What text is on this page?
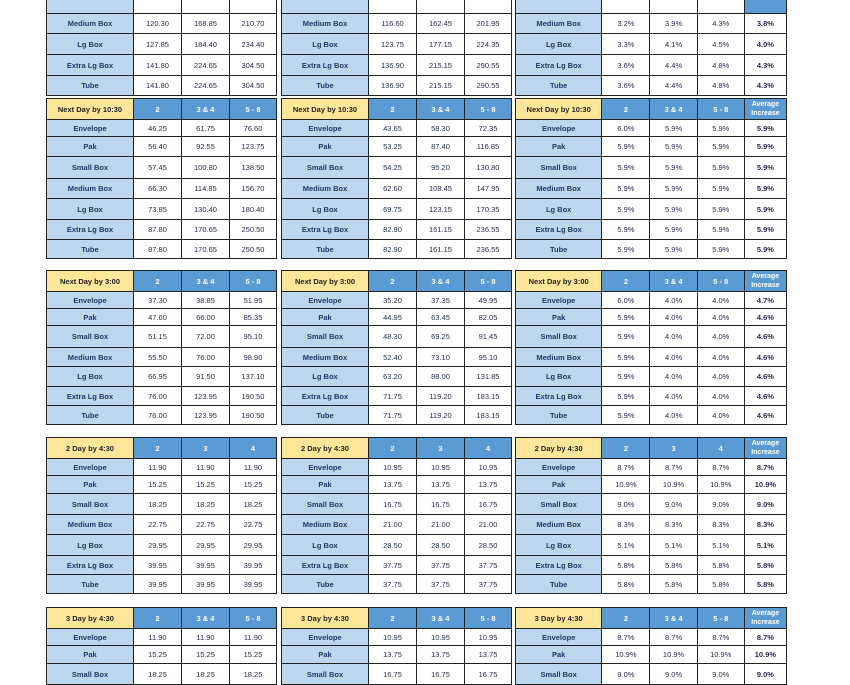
Medium Box	120.30	168.85	210.70
Lg Box	127.85	184.40	234.40
Extra Lg Box	141.80	224.65	304.50
Tube	141.80	224.65	304.50

Medium Box	116.60	162.45	201.95
Lg Box	123.75	177.15	224.35
Extra Lg Box	136.90	215.15	290.55
Tube	136.90	215.15	290.55

Medium Box	3.2%	3.9%	4.3%	3.8%
Lg Box	3.3%	4.1%	4.5%	4.0%
Extra Lg Box	3.6%	4.4%	4.8%	4.3%
Tube	3.6%	4.4%	4.8%	4.3%
Next Day by 10:30	2	3 & 4	5 - 8
Envelope	46.25	61.75	76.60
Pak	56.40	92.55	123.75
Small Box	57.45	100.80	138.50
Medium Box	66.30	114.85	156.70
Lg Box	73.85	130.40	180.40
Extra Lg Box	87.80	170.65	250.50
Tube	87.80	170.65	250.50
Next Day by 10:30	2	3 & 4	5 - 8
Envelope	43.65	58.30	72.35
Pak	53.25	87.40	116.85
Small Box	54.25	95.20	130.80
Medium Box	62.60	108.45	147.95
Lg Box	69.75	123.15	170.35
Extra Lg Box	82.90	161.15	236.55
Tube	82.90	161.15	236.55
Next Day by 10:30	2	3 & 4	5 - 8	Average Increase
Envelope	6.0%	5.9%	5.9%	5.9%
Pak	5.9%	5.9%	5.9%	5.9%
Small Box	5.9%	5.9%	5.9%	5.9%
Medium Box	5.9%	5.9%	5.9%	5.9%
Lg Box	5.9%	5.9%	5.9%	5.9%
Extra Lg Box	5.9%	5.9%	5.9%	5.9%
Tube	5.9%	5.9%	5.9%	5.9%
Next Day by 3:00	2	3 & 4	5 - 8
Envelope	37.30	38.85	51.95
Pak	47.60	66.00	85.35
Small Box	51.15	72.00	95.10
Medium Box	55.50	76.00	98.90
Lg Box	66.95	91.50	137.10
Extra Lg Box	76.00	123.95	190.50
Tube	76.00	123.95	190.50
Next Day by 3:00	2	3 & 4	5 - 8
Envelope	35.20	37.35	49.95
Pak	44.95	63.45	82.05
Small Box	48.30	69.25	91.45
Medium Box	52.40	73.10	95.10
Lg Box	63.20	88.00	131.85
Extra Lg Box	71.75	119.20	183.15
Tube	71.75	119.20	183.15
Next Day by 3:00	2	3 & 4	5 - 8	Average Increase
Envelope	6.0%	4.0%	4.0%	4.7%
Pak	5.9%	4.0%	4.0%	4.6%
Small Box	5.9%	4.0%	4.0%	4.6%
Medium Box	5.9%	4.0%	4.0%	4.6%
Lg Box	5.9%	4.0%	4.0%	4.6%
Extra Lg Box	5.9%	4.0%	4.0%	4.6%
Tube	5.9%	4.0%	4.0%	4.6%
2 Day by 4:30	2	3	4
Envelope	11.90	11.90	11.90
Pak	15.25	15.25	15.25
Small Box	18.25	18.25	18.25
Medium Box	22.75	22.75	22.75
Lg Box	29.95	29.95	29.95
Extra Lg Box	39.95	39.95	39.95
Tube	39.95	39.95	39.95
2 Day by 4:30	2	3	4
Envelope	10.95	10.95	10.95
Pak	13.75	13.75	13.75
Small Box	16.75	16.75	16.75
Medium Box	21.00	21.00	21.00
Lg Box	28.50	28.50	28.50
Extra Lg Box	37.75	37.75	37.75
Tube	37.75	37.75	37.75
2 Day by 4:30	2	3	4	Average Increase
Envelope	8.7%	8.7%	8.7%	8.7%
Pak	10.9%	10.9%	10.9%	10.9%
Small Box	9.0%	9.0%	9.0%	9.0%
Medium Box	8.3%	8.3%	8.3%	8.3%
Lg Box	5.1%	5.1%	5.1%	5.1%
Extra Lg Box	5.8%	5.8%	5.8%	5.8%
Tube	5.8%	5.8%	5.8%	5.8%
3 Day by 4:30	2	3 & 4	5 - 8
Envelope	11.90	11.90	11.90
Pak	15.25	15.25	15.25
Small Box	18.25	18.25	18.25
3 Day by 4:30	2	3 & 4	5 - 8
Envelope	10.95	10.95	10.95
Pak	13.75	13.75	13.75
Small Box	16.75	16.75	16.75
3 Day by 4:30	2	3 & 4	5 - 8	Average Increase
Envelope	8.7%	8.7%	8.7%	8.7%
Pak	10.9%	10.9%	10.9%	10.9%
Small Box	9.0%	9.0%	9.0%	9.0%
